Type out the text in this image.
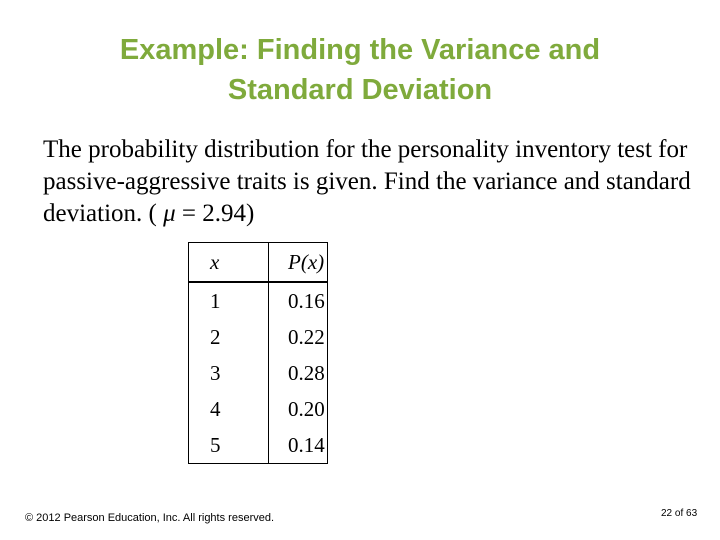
Example: Finding the Variance and
Standard Deviation
The probability distribution for the personality inventory test for passive-aggressive traits is given. Find the variance and standard deviation. ( μ = 2.94)
x	P(x)
1	0.16
2	0.22
3	0.28
4	0.20
5	0.14
© 2012 Pearson Education, Inc. All rights reserved.	22 of 63
